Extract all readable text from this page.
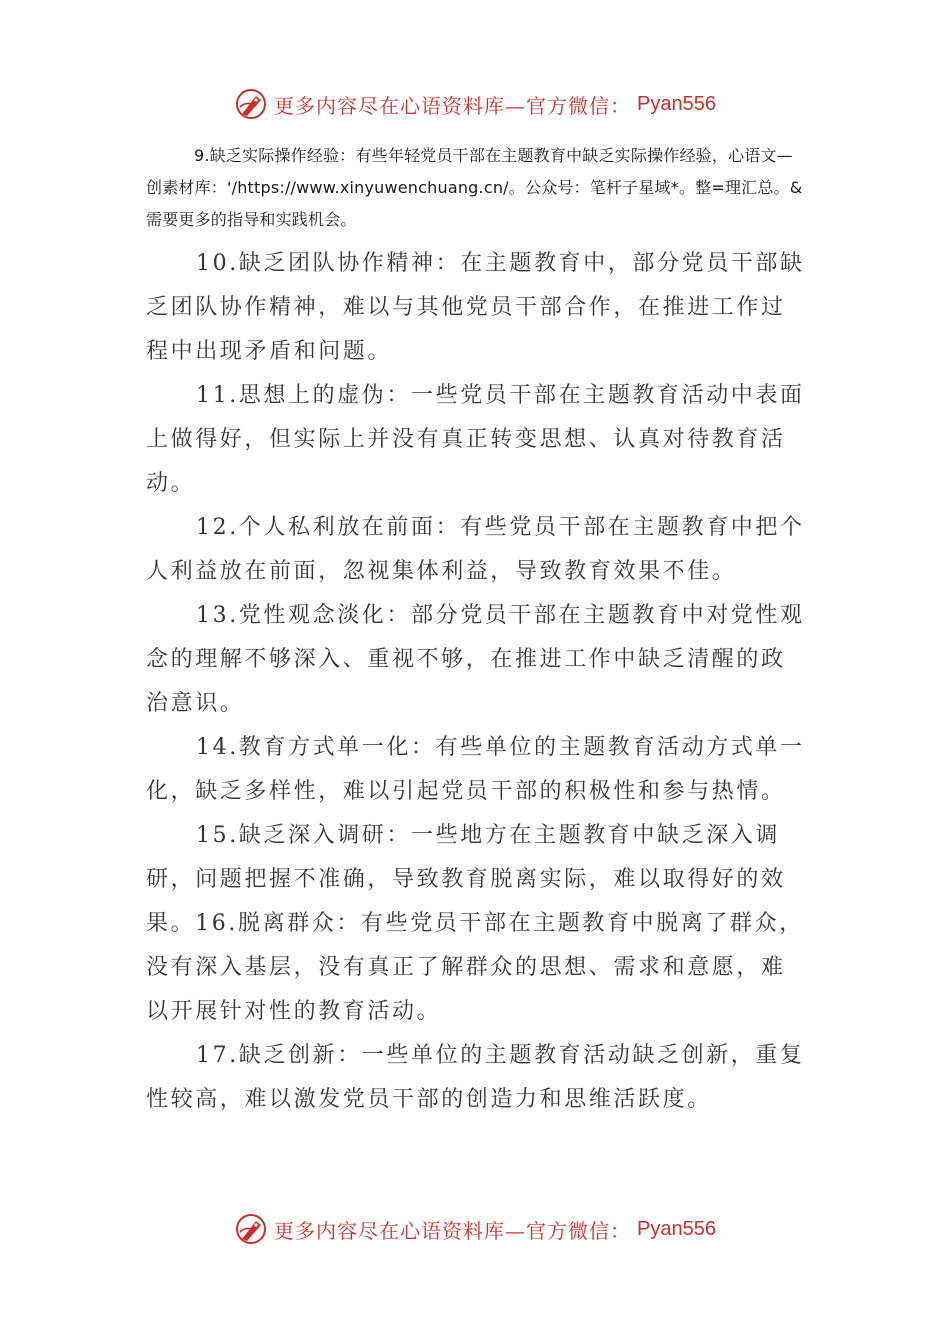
更多内容尽在心语资料库—官方微信： Pyan556

9.缺乏实际操作经验：有些年轻党员干部在主题教育中缺乏实际操作经验，心语文—创素材库：'/https://www.xinyuwenchuang.cn/。公众号：笔杆子星域*。整=理汇总。&需要更多的指导和实践机会。

10.缺乏团队协作精神：在主题教育中，部分党员干部缺乏团队协作精神，难以与其他党员干部合作，在推进工作过程中出现矛盾和问题。

11.思想上的虚伪：一些党员干部在主题教育活动中表面上做得好，但实际上并没有真正转变思想、认真对待教育活动。

12.个人私利放在前面：有些党员干部在主题教育中把个人利益放在前面，忽视集体利益，导致教育效果不佳。

13.党性观念淡化：部分党员干部在主题教育中对党性观念的理解不够深入、重视不够，在推进工作中缺乏清醒的政治意识。

14.教育方式单一化：有些单位的主题教育活动方式单一化，缺乏多样性，难以引起党员干部的积极性和参与热情。

15.缺乏深入调研：一些地方在主题教育中缺乏深入调研，问题把握不准确，导致教育脱离实际，难以取得好的效果。16.脱离群众：有些党员干部在主题教育中脱离了群众，没有深入基层，没有真正了解群众的思想、需求和意愿，难以开展针对性的教育活动。

17.缺乏创新：一些单位的主题教育活动缺乏创新，重复性较高，难以激发党员干部的创造力和思维活跃度。

更多内容尽在心语资料库—官方微信： Pyan556
